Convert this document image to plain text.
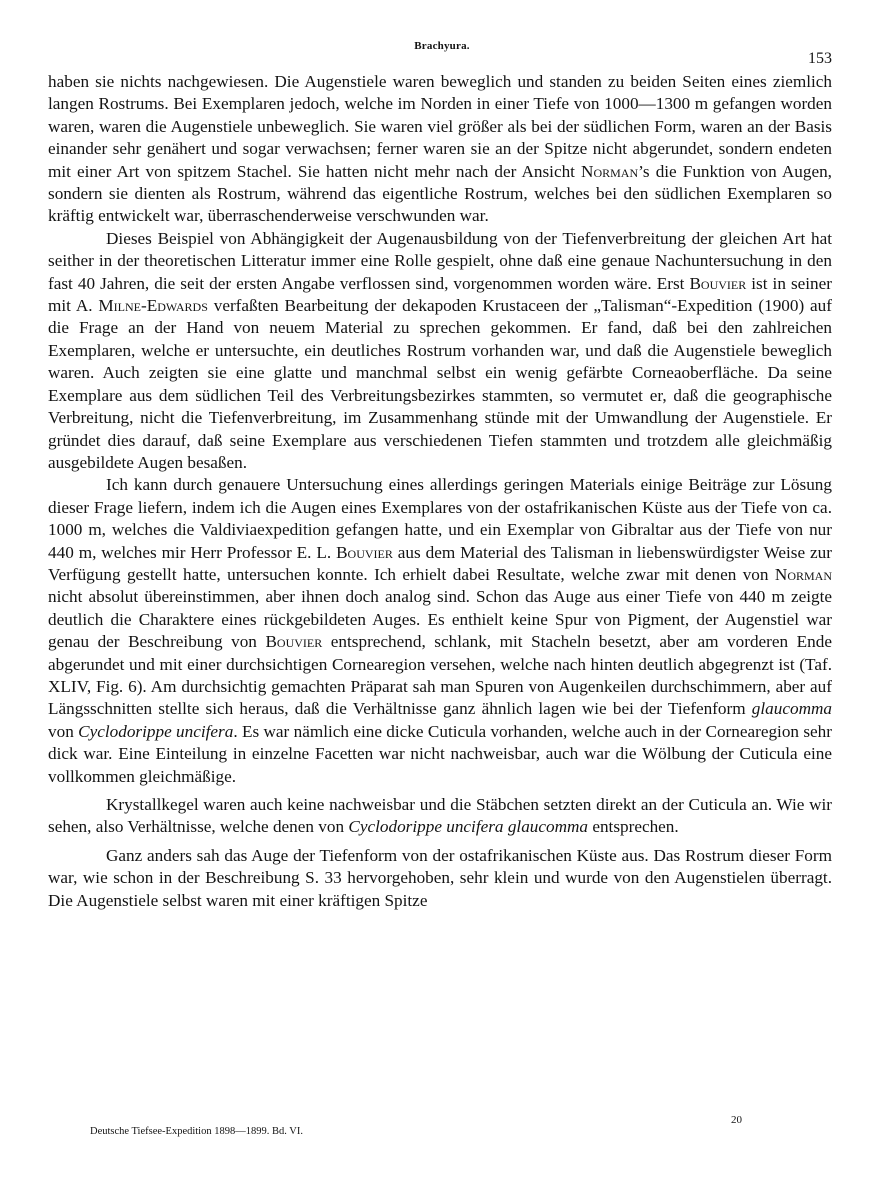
Brachyura.
153

haben sie nichts nachgewiesen. Die Augenstiele waren beweglich und standen zu beiden Seiten eines ziemlich langen Rostrums. Bei Exemplaren jedoch, welche im Norden in einer Tiefe von 1000—1300 m gefangen worden waren, waren die Augenstiele unbeweglich. Sie waren viel größer als bei der südlichen Form, waren an der Basis einander sehr genähert und sogar verwachsen; ferner waren sie an der Spitze nicht abgerundet, sondern endeten mit einer Art von spitzem Stachel. Sie hatten nicht mehr nach der Ansicht Norman’s die Funktion von Augen, sondern sie dienten als Rostrum, während das eigentliche Rostrum, welches bei den südlichen Exemplaren so kräftig entwickelt war, überraschenderweise verschwunden war.

Dieses Beispiel von Abhängigkeit der Augenausbildung von der Tiefenverbreitung der gleichen Art hat seither in der theoretischen Litteratur immer eine Rolle gespielt, ohne daß eine genaue Nachuntersuchung in den fast 40 Jahren, die seit der ersten Angabe verflossen sind, vorgenommen worden wäre. Erst Bouvier ist in seiner mit A. Milne-Edwards verfaßten Bearbeitung der dekapoden Krustaceen der „Talisman“-Expedition (1900) auf die Frage an der Hand von neuem Material zu sprechen gekommen. Er fand, daß bei den zahlreichen Exemplaren, welche er untersuchte, ein deutliches Rostrum vorhanden war, und daß die Augenstiele beweglich waren. Auch zeigten sie eine glatte und manchmal selbst ein wenig gefärbte Corneaoberfläche. Da seine Exemplare aus dem südlichen Teil des Verbreitungsbezirkes stammten, so vermutet er, daß die geographische Verbreitung, nicht die Tiefenverbreitung, im Zusammenhang stünde mit der Umwandlung der Augenstiele. Er gründet dies darauf, daß seine Exemplare aus verschiedenen Tiefen stammten und trotzdem alle gleichmäßig ausgebildete Augen besaßen.

Ich kann durch genauere Untersuchung eines allerdings geringen Materials einige Beiträge zur Lösung dieser Frage liefern, indem ich die Augen eines Exemplares von der ostafrikanischen Küste aus der Tiefe von ca. 1000 m, welches die Valdiviaexpedition gefangen hatte, und ein Exemplar von Gibraltar aus der Tiefe von nur 440 m, welches mir Herr Professor E. L. Bouvier aus dem Material des Talisman in liebenswürdigster Weise zur Verfügung gestellt hatte, untersuchen konnte. Ich erhielt dabei Resultate, welche zwar mit denen von Norman nicht absolut übereinstimmen, aber ihnen doch analog sind. Schon das Auge aus einer Tiefe von 440 m zeigte deutlich die Charaktere eines rückgebildeten Auges. Es enthielt keine Spur von Pigment, der Augenstiel war genau der Beschreibung von Bouvier entsprechend, schlank, mit Stacheln besetzt, aber am vorderen Ende abgerundet und mit einer durchsichtigen Cornearegion versehen, welche nach hinten deutlich abgegrenzt ist (Taf. XLIV, Fig. 6). Am durchsichtig gemachten Präparat sah man Spuren von Augenkeilen durchschimmern, aber auf Längsschnitten stellte sich heraus, daß die Verhältnisse ganz ähnlich lagen wie bei der Tiefenform glaucomma von Cyclodorippe uncifera. Es war nämlich eine dicke Cuticula vorhanden, welche auch in der Cornearegion sehr dick war. Eine Einteilung in einzelne Facetten war nicht nachweisbar, auch war die Wölbung der Cuticula eine vollkommen gleichmäßige.

Krystallkegel waren auch keine nachweisbar und die Stäbchen setzten direkt an der Cuticula an. Wie wir sehen, also Verhältnisse, welche denen von Cyclodorippe uncifera glaucomma entsprechen.

Ganz anders sah das Auge der Tiefenform von der ostafrikanischen Küste aus. Das Rostrum dieser Form war, wie schon in der Beschreibung S. 33 hervorgehoben, sehr klein und wurde von den Augenstielen überragt. Die Augenstiele selbst waren mit einer kräftigen Spitze

Deutsche Tiefsee-Expedition 1898—1899. Bd. VI.
20
